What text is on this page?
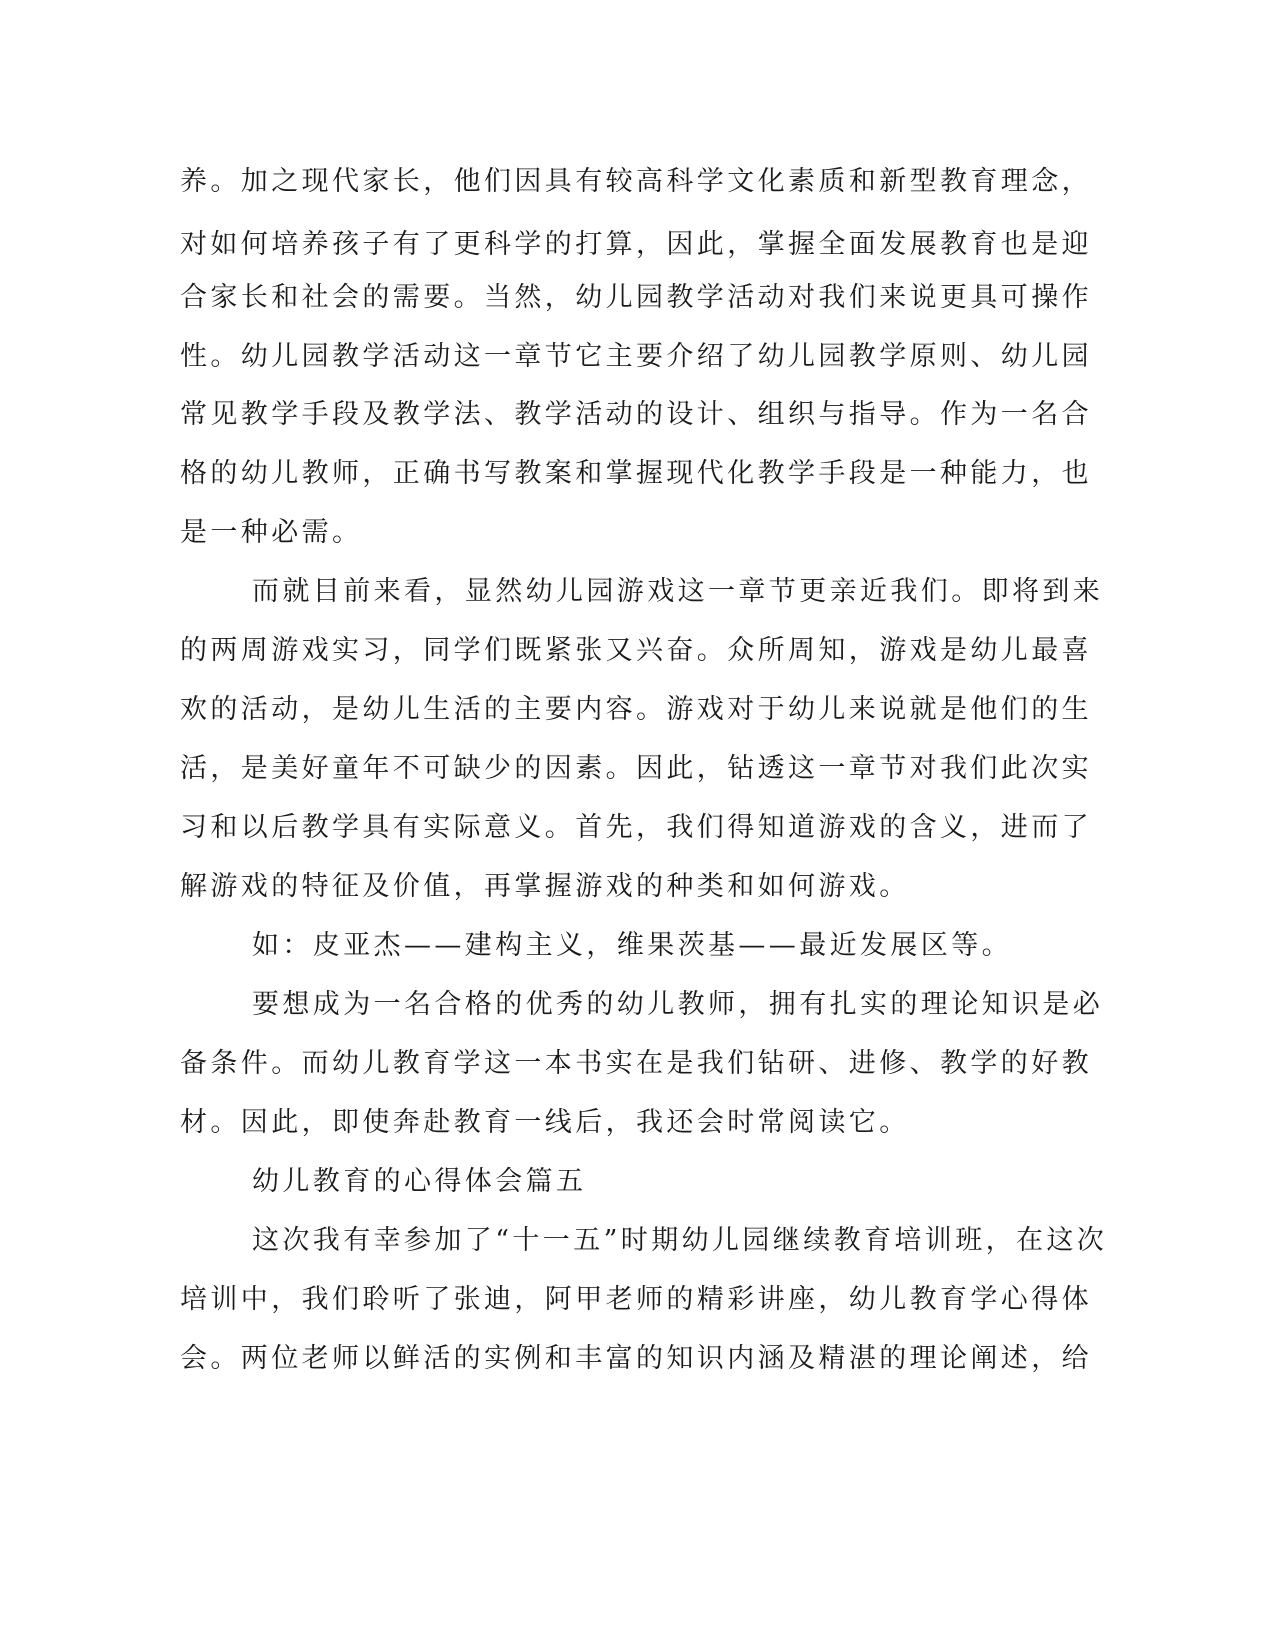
养。加之现代家长，他们因具有较高科学文化素质和新型教育理念，
对如何培养孩子有了更科学的打算，因此，掌握全面发展教育也是迎
合家长和社会的需要。当然，幼儿园教学活动对我们来说更具可操作
性。幼儿园教学活动这一章节它主要介绍了幼儿园教学原则、幼儿园
常见教学手段及教学法、教学活动的设计、组织与指导。作为一名合
格的幼儿教师，正确书写教案和掌握现代化教学手段是一种能力，也
是一种必需。
而就目前来看，显然幼儿园游戏这一章节更亲近我们。即将到来
的两周游戏实习，同学们既紧张又兴奋。众所周知，游戏是幼儿最喜
欢的活动，是幼儿生活的主要内容。游戏对于幼儿来说就是他们的生
活，是美好童年不可缺少的因素。因此，钻透这一章节对我们此次实
习和以后教学具有实际意义。首先，我们得知道游戏的含义，进而了
解游戏的特征及价值，再掌握游戏的种类和如何游戏。
如：皮亚杰——建构主义，维果茨基——最近发展区等。
要想成为一名合格的优秀的幼儿教师，拥有扎实的理论知识是必
备条件。而幼儿教育学这一本书实在是我们钻研、进修、教学的好教
材。因此，即使奔赴教育一线后，我还会时常阅读它。
幼儿教育的心得体会篇五
这次我有幸参加了“十一五”时期幼儿园继续教育培训班，在这次
培训中，我们聆听了张迪，阿甲老师的精彩讲座，幼儿教育学心得体
会。两位老师以鲜活的实例和丰富的知识内涵及精湛的理论阐述，给
